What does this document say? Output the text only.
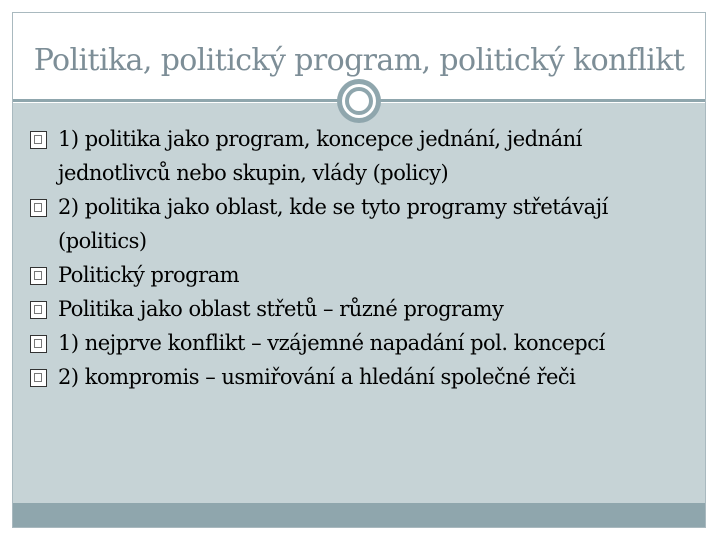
Politika, politický program, politický konflikt
1) politika jako program, koncepce jednání, jednání jednotlivců nebo skupin, vlády (policy)
2) politika jako oblast, kde se tyto programy střetávají (politics)
Politický program
Politika jako oblast střetů – různé programy
1) nejprve konflikt – vzájemné napadání pol. koncepcí
2) kompromis – usmiřování a hledání společné řeči
